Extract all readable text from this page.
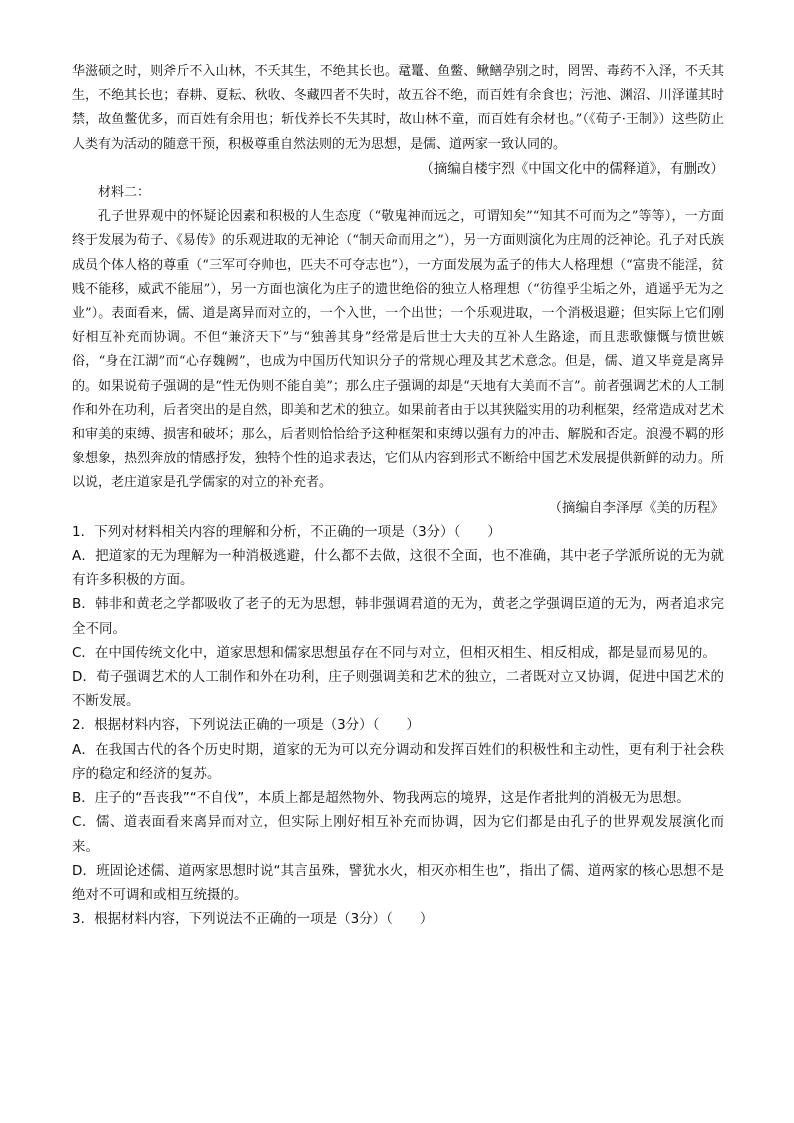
华滋硕之时，则斧斤不入山林，不夭其生，不绝其长也。鼋鼍、鱼鳖、鳅鳝孕别之时，罔罟、毒药不入泽，不夭其生，不绝其长也；春耕、夏耘、秋收、冬藏四者不失时，故五谷不绝，而百姓有余食也；污池、渊沼、川泽谨其时禁，故鱼鳖优多，而百姓有余用也；斩伐养长不失其时，故山林不童，而百姓有余材也。”（《荀子·王制》）这些防止人类有为活动的随意干预，积极尊重自然法则的无为思想，是儒、道两家一致认同的。

（摘编自楼宇烈《中国文化中的儒释道》，有删改）

材料二：

孔子世界观中的怀疑论因素和积极的人生态度（“敬鬼神而远之，可谓知矣”“知其不可而为之”等等），一方面终于发展为荀子、《易传》的乐观进取的无神论（“制天命而用之”），另一方面则演化为庄周的泛神论。孔子对氏族成员个体人格的尊重（“三军可夺帅也，匹夫不可夺志也”），一方面发展为孟子的伟大人格理想（“富贵不能淫，贫贱不能移，威武不能屈”），另一方面也演化为庄子的遗世绝俗的独立人格理想（“彷徨乎尘垢之外，逍遥乎无为之业”）。表面看来，儒、道是离异而对立的，一个入世，一个出世；一个乐观进取，一个消极退避；但实际上它们刚好相互补充而协调。不但“兼济天下”与“独善其身”经常是后世士大夫的互补人生路途，而且悲歌慷慨与愤世嫉俗，“身在江湖”而“心存魏阙”，也成为中国历代知识分子的常规心理及其艺术意念。但是，儒、道又毕竟是离异的。如果说荀子强调的是“性无伪则不能自美”；那么庄子强调的却是“天地有大美而不言”。前者强调艺术的人工制作和外在功利，后者突出的是自然，即美和艺术的独立。如果前者由于以其狭隘实用的功利框架，经常造成对艺术和审美的束缚、损害和破坏；那么，后者则恰恰给予这种框架和束缚以强有力的冲击、解脱和否定。浪漫不羁的形象想象，热烈奔放的情感抒发，独特个性的追求表达，它们从内容到形式不断给中国艺术发展提供新鲜的动力。所以说，老庄道家是孔学儒家的对立的补充者。

（摘编自李泽厚《美的历程》

1．下列对材料相关内容的理解和分析，不正确的一项是（3分）（　　）

A．把道家的无为理解为一种消极逃避，什么都不去做，这很不全面，也不准确，其中老子学派所说的无为就有许多积极的方面。

B．韩非和黄老之学都吸收了老子的无为思想，韩非强调君道的无为，黄老之学强调臣道的无为，两者追求完全不同。

C．在中国传统文化中，道家思想和儒家思想虽存在不同与对立，但相灭相生、相反相成，都是显而易见的。

D．荀子强调艺术的人工制作和外在功利，庄子则强调美和艺术的独立，二者既对立又协调，促进中国艺术的不断发展。

2．根据材料内容，下列说法正确的一项是（3分）（　　）

A．在我国古代的各个历史时期，道家的无为可以充分调动和发挥百姓们的积极性和主动性，更有利于社会秩序的稳定和经济的复苏。

B．庄子的“吾丧我”“不自伐”，本质上都是超然物外、物我两忘的境界，这是作者批判的消极无为思想。

C．儒、道表面看来离异而对立，但实际上刚好相互补充而协调，因为它们都是由孔子的世界观发展演化而来。

D．班固论述儒、道两家思想时说“其言虽殊，譬犹水火，相灭亦相生也”，指出了儒、道两家的核心思想不是绝对不可调和或相互统摄的。

3．根据材料内容，下列说法不正确的一项是（3分）（　　）
